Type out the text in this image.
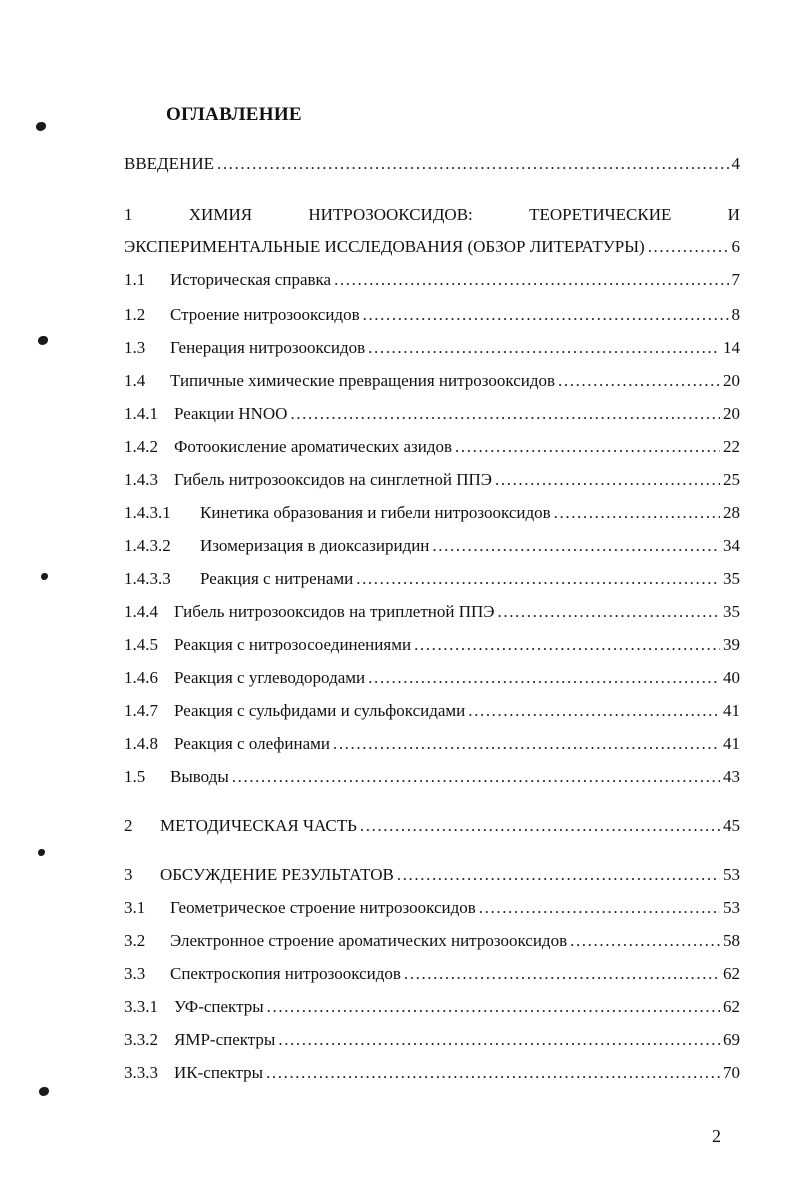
ОГЛАВЛЕНИЕ
ВВЕДЕНИЕ .....	4
1	ХИМИЯ	НИТРОЗООКСИДОВ:	ТЕОРЕТИЧЕСКИЕ	И
ЭКСПЕРИМЕНТАЛЬНЫЕ ИССЛЕДОВАНИЯ (ОБЗОР ЛИТЕРАТУРЫ) .....	6
1.1	Историческая справка .....	7
1.2	Строение нитрозооксидов .....	8
1.3	Генерация нитрозооксидов .....	14
1.4	Типичные химические превращения нитрозооксидов .....	20
1.4.1 Реакции HNOO .....	20
1.4.2 Фотоокисление ароматических азидов .....	22
1.4.3 Гибель нитрозооксидов на синглетной ППЭ .....	25
1.4.3.1	Кинетика образования и гибели нитрозооксидов .....	28
1.4.3.2	Изомеризация в диоксазиридин .....	34
1.4.3.3	Реакция с нитренами .....	35
1.4.4 Гибель нитрозооксидов на триплетной ППЭ .....	35
1.4.5 Реакция с нитрозосоединениями .....	39
1.4.6 Реакция с углеводородами .....	40
1.4.7 Реакция с сульфидами и сульфоксидами .....	41
1.4.8 Реакция с олефинами .....	41
1.5	Выводы .....	43
2	МЕТОДИЧЕСКАЯ ЧАСТЬ .....	45
3	ОБСУЖДЕНИЕ РЕЗУЛЬТАТОВ .....	53
3.1	Геометрическое строение нитрозооксидов .....	53
3.2	Электронное строение ароматических нитрозооксидов .....	58
3.3	Спектроскопия нитрозооксидов .....	62
3.3.1 УФ-спектры .....	62
3.3.2 ЯМР-спектры .....	69
3.3.3 ИК-спектры .....	70
2
